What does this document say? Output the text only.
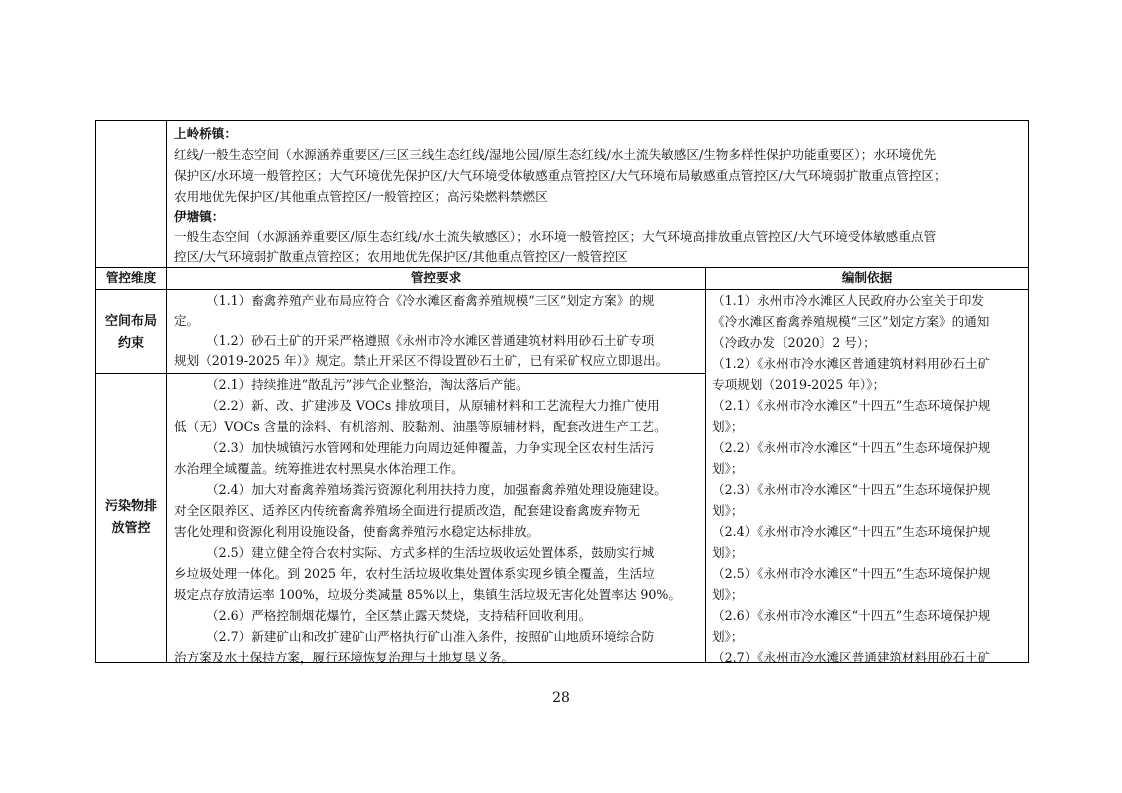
上岭桥镇：
红线/一般生态空间（水源涵养重要区/三区三线生态红线/湿地公园/原生态红线/水土流失敏感区/生物多样性保护功能重要区）；水环境优先
保护区/水环境一般管控区；大气环境优先保护区/大气环境受体敏感重点管控区/大气环境布局敏感重点管控区/大气环境弱扩散重点管控区；
农用地优先保护区/其他重点管控区/一般管控区；高污染燃料禁燃区
伊塘镇：
一般生态空间（水源涵养重要区/原生态红线/水土流失敏感区）；水环境一般管控区；大气环境高排放重点管控区/大气环境受体敏感重点管
控区/大气环境弱扩散重点管控区；农用地优先保护区/其他重点管控区/一般管控区
管控维度	管控要求	编制依据
空间布局
约束
（1.1）畜禽养殖产业布局应符合《冷水滩区畜禽养殖规模“三区”划定方案》的规
定。
（1.2）砂石土矿的开采严格遵照《永州市冷水滩区普通建筑材料用砂石土矿专项
规划（2019-2025 年）》规定。禁止开采区不得设置砂石土矿，已有采矿权应立即退出。
污染物排
放管控
（2.1）持续推进“散乱污”涉气企业整治，淘汰落后产能。
（2.2）新、改、扩建涉及 VOCs 排放项目，从原辅材料和工艺流程大力推广使用
低（无）VOCs 含量的涂料、有机溶剂、胶黏剂、油墨等原辅材料，配套改进生产工艺。
（2.3）加快城镇污水管网和处理能力向周边延伸覆盖，力争实现全区农村生活污
水治理全域覆盖。统筹推进农村黑臭水体治理工作。
（2.4）加大对畜禽养殖场粪污资源化利用扶持力度，加强畜禽养殖处理设施建设。
对全区限养区、适养区内传统畜禽养殖场全面进行提质改造，配套建设畜禽废弃物无
害化处理和资源化利用设施设备，使畜禽养殖污水稳定达标排放。
（2.5）建立健全符合农村实际、方式多样的生活垃圾收运处置体系，鼓励实行城
乡垃圾处理一体化。到 2025 年，农村生活垃圾收集处置体系实现乡镇全覆盖，生活垃
圾定点存放清运率 100%，垃圾分类减量 85%以上，集镇生活垃圾无害化处置率达 90%。
（2.6）严格控制烟花爆竹，全区禁止露天焚烧，支持秸秆回收利用。
（2.7）新建矿山和改扩建矿山严格执行矿山准入条件，按照矿山地质环境综合防
治方案及水土保持方案，履行环境恢复治理与土地复垦义务。
（1.1）永州市冷水滩区人民政府办公室关于印发
《冷水滩区畜禽养殖规模“三区”划定方案》的通知
（冷政办发〔2020〕2 号）；
（1.2）《永州市冷水滩区普通建筑材料用砂石土矿
专项规划（2019-2025 年）》；
（2.1）《永州市冷水滩区“十四五”生态环境保护规
划》；
（2.2）《永州市冷水滩区“十四五”生态环境保护规
划》；
（2.3）《永州市冷水滩区“十四五”生态环境保护规
划》；
（2.4）《永州市冷水滩区“十四五”生态环境保护规
划》；
（2.5）《永州市冷水滩区“十四五”生态环境保护规
划》；
（2.6）《永州市冷水滩区“十四五”生态环境保护规
划》；
（2.7）《永州市冷水滩区普通建筑材料用砂石土矿
28
